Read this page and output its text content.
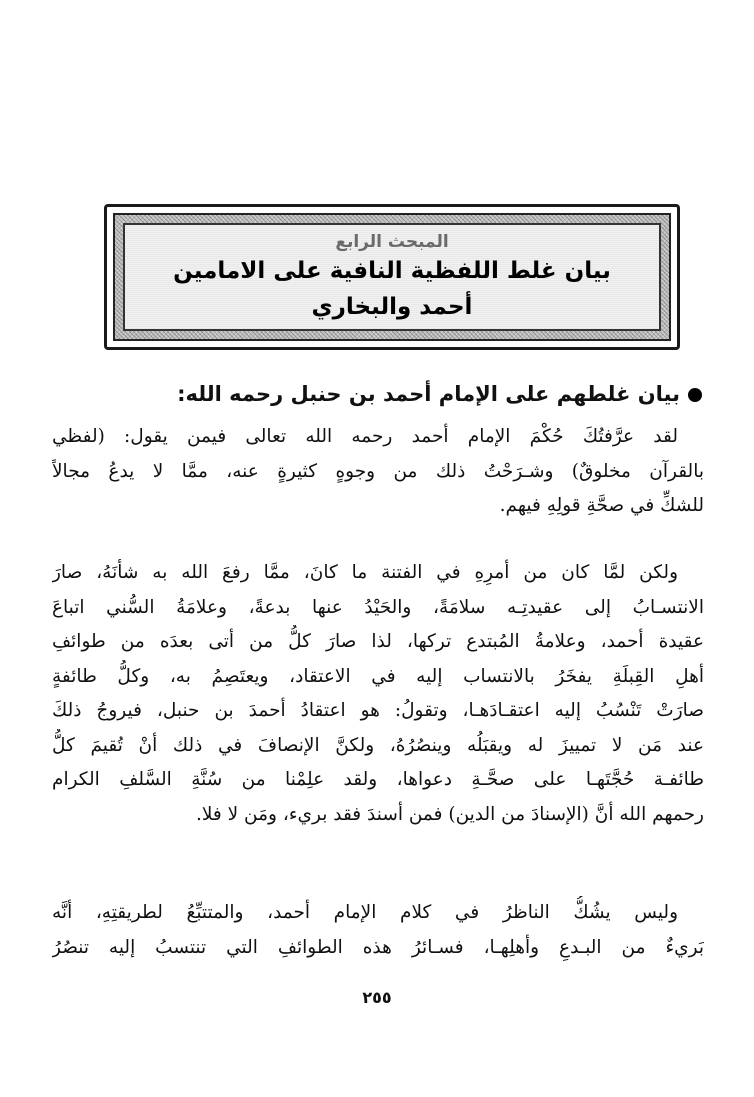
المبحث الرابع
بيان غلط اللفظية النافية على الامامين
أحمد والبخاري
بيان غلطهم على الإمام أحمد بن حنبل رحمه الله:
لقد عرَّفتُكَ حُكْمَ الإمام أحمد رحمه الله تعالى فيمن يقول: (لفظي
بالقرآن مخلوقٌ) وشـرَحْتُ ذلك من وجوهٍ كثيرةٍ عنه، ممَّا لا يدعُ مجالاً
للشكِّ في صحَّةِ قولِهِ فيهم.
ولكن لمَّا كان من أمرِهِ في الفتنة ما كانَ، ممَّا رفعَ الله به شأنَهُ، صارَ
الانتسـابُ إلى عقيدتِـه سلامَةً، والحَيْدُ عنها بدعةً، وعلامَةُ السُّني اتباعَ
عقيدة أحمد، وعلامةُ المُبتدع تركها، لذا صارَ كلُّ من أتى بعدَه من طوائفِ
أهلِ القِبلَةِ يفخَرُ بالانتساب إليه في الاعتقاد، ويعتَصِمُ به، وكلُّ طائفةٍ
صارَتْ تَنْسُبُ إليه اعتقـادَهـا، وتقولُ: هو اعتقادُ أحمدَ بن حنبل، فيروجُ ذلكَ
عند مَن لا تمييزَ له ويقبَلُه وينصُرُهُ، ولكنَّ الإنصافَ في ذلك أنْ تُقيمَ كلُّ
طائفـة حُجَّتَهـا على صحَّـةِ دعواها، ولقد علِمْنا من سُنَّةِ السَّلفِ الكرام
رحمهم الله أنَّ (الإسنادَ من الدين) فمن أسندَ فقد بريء، ومَن لا فلا.
وليس يشُكُّ الناظرُ في كلام الإمام أحمد، والمتتبِّعُ لطريقتِهِ، أنَّه
بَريءٌ من البـدعِ وأهلِهـا، فسـائرُ هذه الطوائفِ التي تنتسبُ إليه تنصُرُ
٢٥٥
